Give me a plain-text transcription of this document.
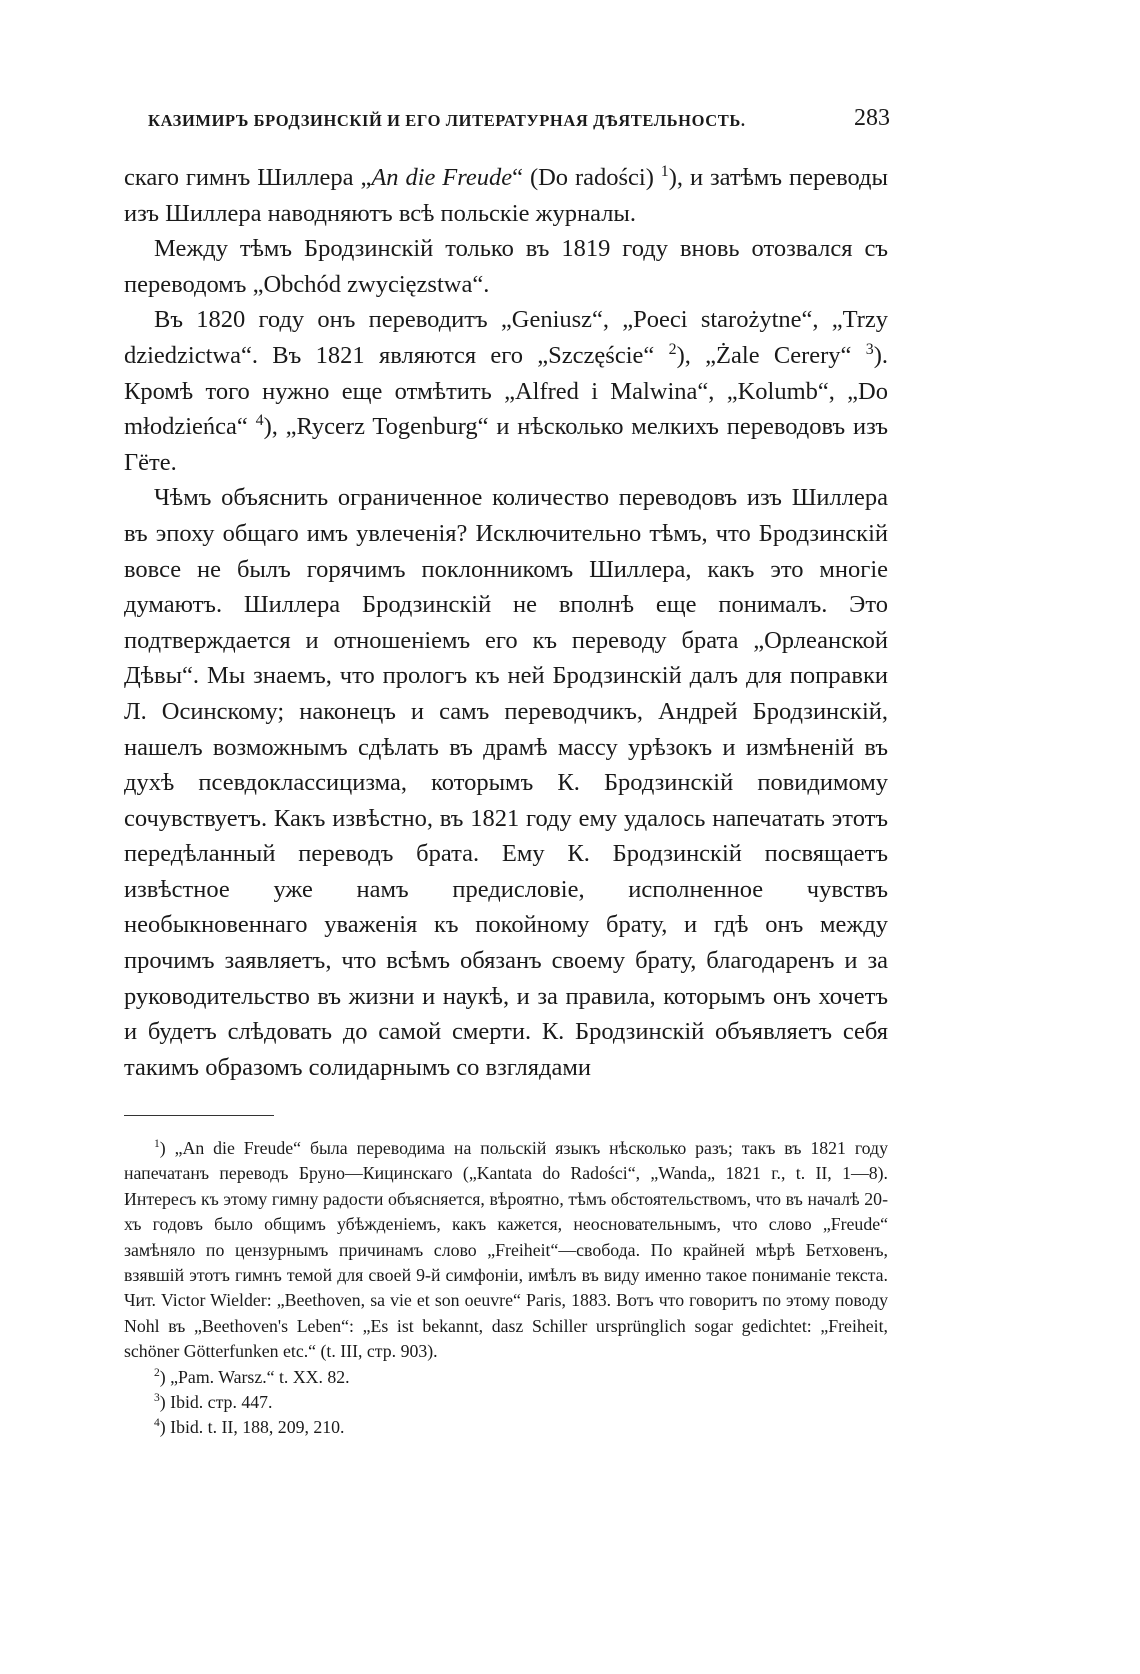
КАЗИМИРЪ БРОДЗИНСКІЙ И ЕГО ЛИТЕРАТУРНАЯ ДѢЯТЕЛЬНОСТЬ.	283

скаго гимнъ Шиллера „An die Freude“ (Do radości) $^1$), и затѣмъ переводы изъ Шиллера наводняютъ всѣ польскіе журналы.

Между тѣмъ Бродзинскій только въ 1819 году вновь отозвался съ переводомъ „Obchód zwycięzstwa“.

Въ 1820 году онъ переводитъ „Geniusz“, „Poeci starożytne“, „Trzy dziedzictwa“. Въ 1821 являются его „Szczęście“ $^2$), „Żale Cerery“ $^3$). Кромѣ того нужно еще отмѣтить „Alfred i Malwina“, „Kolumb“, „Do młodzieńca“ $^4$), „Rycerz Togenburg“ и нѣсколько мелкихъ переводовъ изъ Гёте.

Чѣмъ объяснить ограниченное количество переводовъ изъ Шиллера въ эпоху общаго имъ увлеченія? Исключительно тѣмъ, что Бродзинскій вовсе не былъ горячимъ поклонникомъ Шиллера, какъ это многіе думаютъ. Шиллера Бродзинскій не вполнѣ еще понималъ. Это подтверждается и отношеніемъ его къ переводу брата „Орлеанской Дѣвы“. Мы знаемъ, что прологъ къ ней Бродзинскій далъ для поправки Л. Осинскому; наконецъ и самъ переводчикъ, Андрей Бродзинскій, нашелъ возможнымъ сдѣлать въ драмѣ массу урѣзокъ и измѣненій въ духѣ псевдоклассицизма, которымъ К. Бродзинскій повидимому сочувствуетъ. Какъ извѣстно, въ 1821 году ему удалось напечатать этотъ передѣланный переводъ брата. Ему К. Бродзинскій посвящаетъ извѣстное уже намъ предисловіе, исполненное чувствъ необыкновеннаго уваженія къ покойному брату, и гдѣ онъ между прочимъ заявляетъ, что всѣмъ обязанъ своему брату, благодаренъ и за руководительство въ жизни и наукѣ, и за правила, которымъ онъ хочетъ и будетъ слѣдовать до самой смерти. К. Бродзинскій объявляетъ себя такимъ образомъ солидарнымъ со взглядами

$^1$) „An die Freude“ была переводима на польскій языкъ нѣсколько разъ; такъ въ 1821 году напечатанъ переводъ Бруно—Кицинскаго („Kantata do Radości“, „Wanda„ 1821 г., t. II, 1—8). Интересъ къ этому гимну радости объясняется, вѣроятно, тѣмъ обстоятельствомъ, что въ началѣ 20-хъ годовъ было общимъ убѣжденіемъ, какъ кажется, неосновательнымъ, что слово „Freude“ замѣняло по цензурнымъ причинамъ слово „Freiheit“—свобода. По крайней мѣрѣ Бетховенъ, взявшій этотъ гимнъ темой для своей 9-й симфоніи, имѣлъ въ виду именно такое пониманіе текста. Чит. Victor Wielder: „Beethoven, sa vie et son oeuvre“ Paris, 1883. Вотъ что говоритъ по этому поводу Nohl въ „Beethoven's Leben“: „Es ist bekannt, dasz Schiller ursprünglich sogar gedichtet: „Freiheit, schöner Götterfunken etc.“ (t. III, стр. 903).

$^2$) „Pam. Warsz.“ t. XX. 82.

$^3$) Ibid. стр. 447.

$^4$) Ibid. t. II, 188, 209, 210.
